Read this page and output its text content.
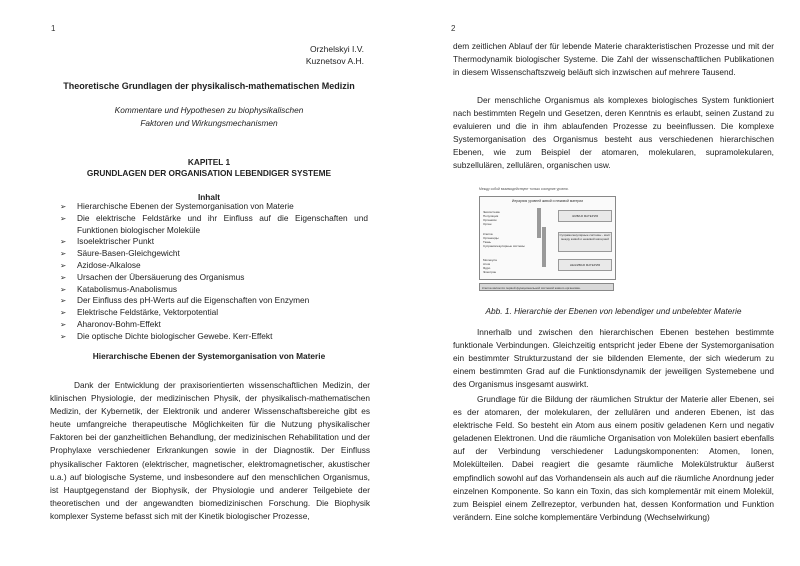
1
Orzhelskyi I.V.
Kuznetsov A.H.
Theoretische Grundlagen der physikalisch-mathematischen Medizin
Kommentare und Hypothesen zu biophysikalischen
Faktoren und Wirkungsmechanismen
KAPITEL 1
GRUNDLAGEN DER ORGANISATION LEBENDIGER SYSTEME
Inhalt
➢ Hierarchische Ebenen der Systemorganisation von Materie
➢ Die elektrische Feldstärke und ihr Einfluss auf die Eigenschaften und Funktionen biologischer Moleküle
➢ Isoelektrischer Punkt
➢ Säure-Basen-Gleichgewicht
➢ Azidose-Alkalose
➢ Ursachen der Übersäuerung des Organismus
➢ Katabolismus-Anabolismus
➢ Der Einfluss des pH-Werts auf die Eigenschaften von Enzymen
➢ Elektrische Feldstärke, Vektorpotential
➢ Aharonov-Bohm-Effekt
➢ Die optische Dichte biologischer Gewebe. Kerr-Effekt
Hierarchische Ebenen der Systemorganisation von Materie

Dank der Entwicklung der praxisorientierten wissenschaftlichen Medizin, der klinischen Physiologie, der medizinischen Physik, der physikalisch-mathematischen Medizin, der Kybernetik, der Elektronik und anderer Wissenschaftsbereiche gibt es heute umfangreiche therapeutische Möglichkeiten für die Nutzung physikalischer Faktoren bei der ganzheitlichen Behandlung, der medizinischen Rehabilitation und der Prophylaxe verschiedener Erkrankungen sowie in der Diagnostik. Der Einfluss physikalischer Faktoren (elektrischer, magnetischer, elektromagnetischer, akustischer u.a.) auf biologische Systeme, und insbesondere auf den menschlichen Organismus, ist Hauptgegenstand der Biophysik, der Physiologie und anderer Teilgebiete der theoretischen und der angewandten biomedizinischen Forschung. Die Biophysik komplexer Systeme befasst sich mit der Kinetik biologischer Prozesse,

2

dem zeitlichen Ablauf der für lebende Materie charakteristischen Prozesse und mit der Thermodynamik biologischer Systeme. Die Zahl der wissenschaftlichen Publikationen in diesem Wissenschaftszweig beläuft sich inzwischen auf mehrere Tausend.

Der menschliche Organismus als komplexes biologisches System funktioniert nach bestimmten Regeln und Gesetzen, deren Kenntnis es erlaubt, seinen Zustand zu evaluieren und die in ihm ablaufenden Prozesse zu beeinflussen. Die komplexe Systemorganisation des Organismus besteht aus verschiedenen hierarchischen Ebenen, wie zum Beispiel der atomaren, molekularen, supramolekularen, subzellulären, zellulären, organischen usw.

Между собой взаимодействуют только соседние уровни.
Иерархия уровней живой и неживой материи
Экосистема
Популяция
Организм
Орган
Клетка
Органоиды
Ткань
Супрамолекулярные системы
Молекула
Атом
Ядро
Электрон
ЖИВАЯ МАТЕРИЯ
Супрамолекулярные системы - мост между живой и неживой материей
НЕЖИВАЯ МАТЕРИЯ
Клетка является первой функциональной системой живого организма.
Abb. 1. Hierarchie der Ebenen von lebendiger und unbelebter Materie

Innerhalb und zwischen den hierarchischen Ebenen bestehen bestimmte funktionale Verbindungen. Gleichzeitig entspricht jeder Ebene der Systemorganisation ein bestimmter Strukturzustand der sie bildenden Elemente, der sich wiederum zu einem bestimmten Grad auf die Funktionsdynamik der jeweiligen Systemebene und des Organismus insgesamt auswirkt.

Grundlage für die Bildung der räumlichen Struktur der Materie aller Ebenen, sei es der atomaren, der molekularen, der zellulären und anderen Ebenen, ist das elektrische Feld. So besteht ein Atom aus einem positiv geladenen Kern und negativ geladenen Elektronen. Und die räumliche Organisation von Molekülen basiert ebenfalls auf der Verbindung verschiedener Ladungskomponenten: Atomen, Ionen, Molekülteilen. Dabei reagiert die gesamte räumliche Molekülstruktur äußerst empfindlich sowohl auf das Vorhandensein als auch auf die räumliche Anordnung jeder einzelnen Komponente. So kann ein Toxin, das sich komplementär mit einem Molekül, zum Beispiel einem Zellrezeptor, verbunden hat, dessen Konformation und Funktion verändern. Eine solche komplementäre Verbindung (Wechselwirkung)
